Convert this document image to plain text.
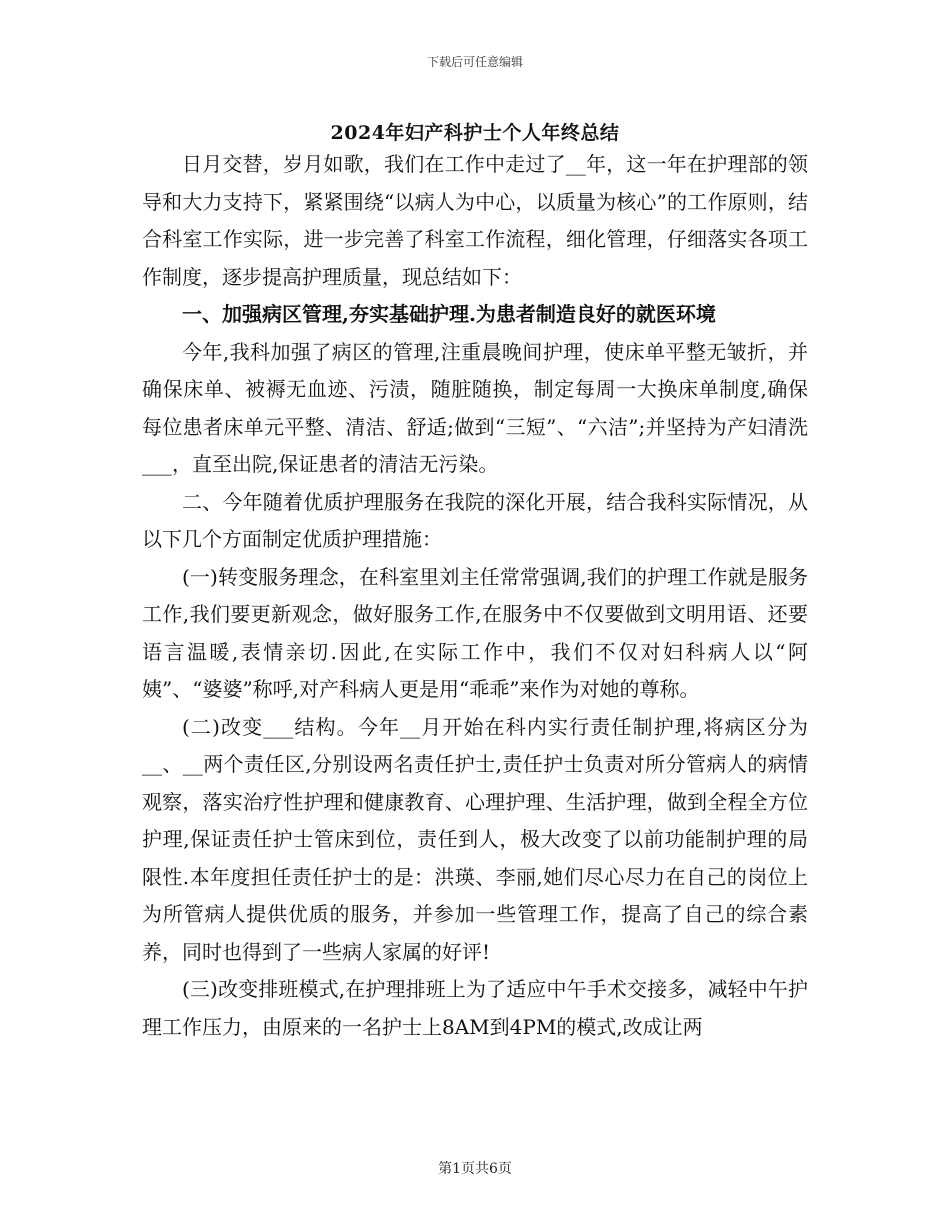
下载后可任意编辑
2024年妇产科护士个人年终总结

日月交替，岁月如歌，我们在工作中走过了__年，这一年在护理部的领导和大力支持下，紧紧围绕“以病人为中心，以质量为核心”的工作原则，结合科室工作实际，进一步完善了科室工作流程，细化管理，仔细落实各项工作制度，逐步提高护理质量，现总结如下：

一、加强病区管理,夯实基础护理.为患者制造良好的就医环境

今年,我科加强了病区的管理,注重晨晚间护理，使床单平整无皱折，并确保床单、被褥无血迹、污渍，随脏随换，制定每周一大换床单制度,确保每位患者床单元平整、清洁、舒适;做到“三短”、“六洁”;并坚持为产妇清洗___，直至出院,保证患者的清洁无污染。

二、今年随着优质护理服务在我院的深化开展，结合我科实际情况，从以下几个方面制定优质护理措施：

(一)转变服务理念，在科室里刘主任常常强调,我们的护理工作就是服务工作,我们要更新观念，做好服务工作,在服务中不仅要做到文明用语、还要语言温暖,表情亲切.因此,在实际工作中，我们不仅对妇科病人以“阿姨”、“婆婆”称呼,对产科病人更是用“乖乖”来作为对她的尊称。

(二)改变___结构。今年__月开始在科内实行责任制护理,将病区分为__、__两个责任区,分别设两名责任护士,责任护士负责对所分管病人的病情观察，落实治疗性护理和健康教育、心理护理、生活护理，做到全程全方位护理,保证责任护士管床到位，责任到人，极大改变了以前功能制护理的局限性.本年度担任责任护士的是：洪瑛、李丽,她们尽心尽力在自己的岗位上为所管病人提供优质的服务，并参加一些管理工作，提高了自己的综合素养，同时也得到了一些病人家属的好评!

(三)改变排班模式,在护理排班上为了适应中午手术交接多，减轻中午护理工作压力，由原来的一名护士上8AM到4PM的模式,改成让两

第1页共6页
